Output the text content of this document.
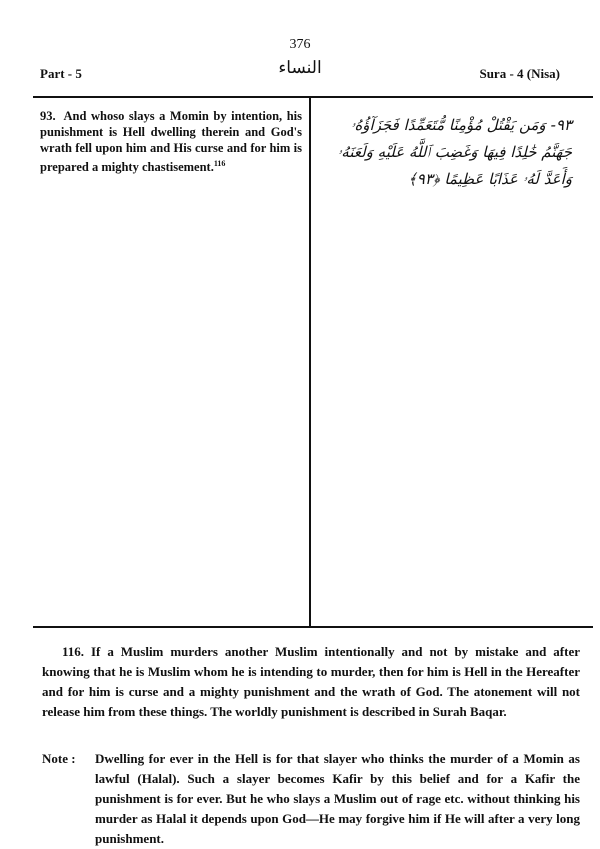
376
Part - 5	النساء	Sura - 4 (Nisa)
93. And whoso slays a Momin by intention, his punishment is Hell dwelling therein and God's wrath fell upon him and His curse and for him is prepared a mighty chastisement.$^{116}$
٩٣- وَمَن يَقْتُلْ مُؤْمِنًا مُّتَعَمِّدًا فَجَزَآؤُهُۥ جَهَنَّمُ خَٰلِدًا فِيهَا وَغَضِبَ ٱللَّهُ عَلَيْهِ وَلَعَنَهُۥ وَأَعَدَّ لَهُۥ عَذَابًا عَظِيمًا ﴿٩٣﴾

116. If a Muslim murders another Muslim intentionally and not by mistake and after knowing that he is Muslim whom he is intending to murder, then for him is Hell in the Hereafter and for him is curse and a mighty punishment and the wrath of God. The atonement will not release him from these things. The worldly punishment is described in Surah Baqar.

Note :	Dwelling for ever in the Hell is for that slayer who thinks the murder of a Momin as lawful (Halal). Such a slayer becomes Kafir by this belief and for a Kafir the punishment is for ever. But he who slays a Muslim out of rage etc. without thinking his murder as Halal it depends upon God—He may forgive him if He will after a very long punishment.
